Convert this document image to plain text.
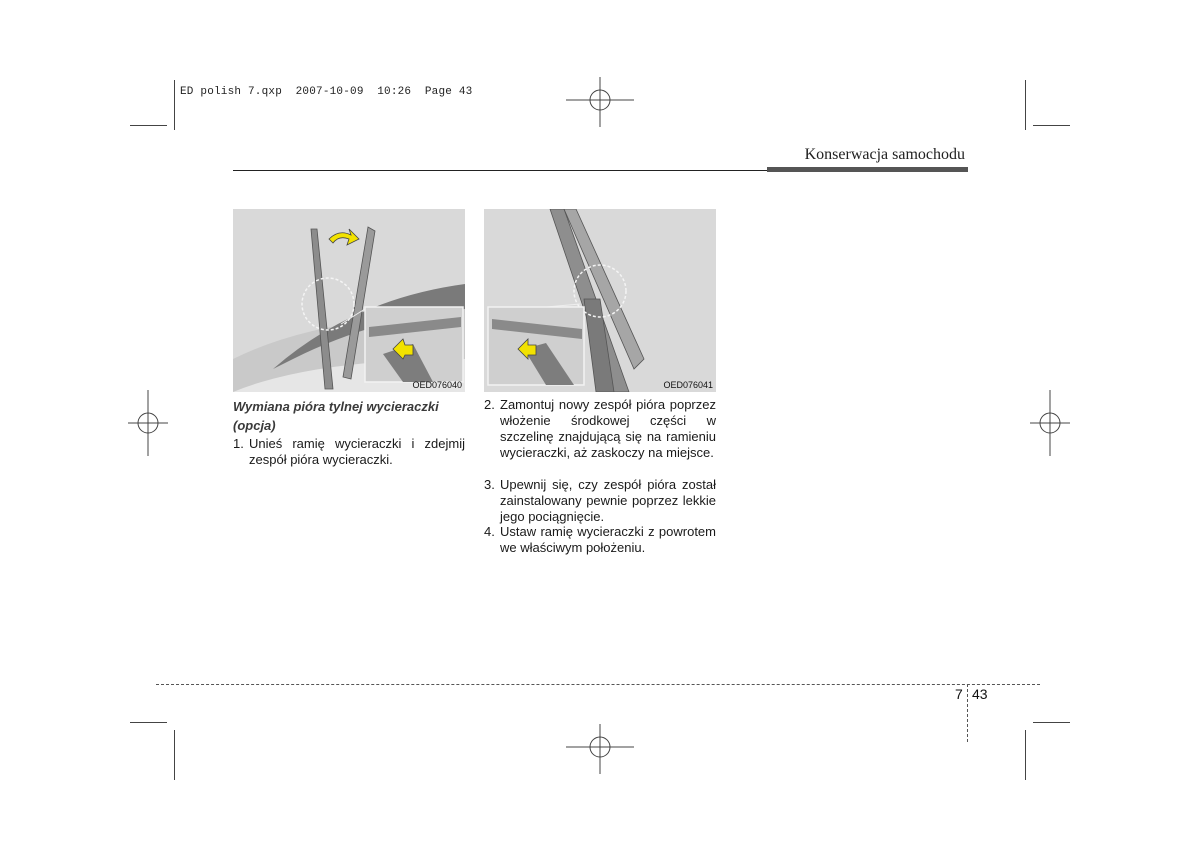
ED polish 7.qxp  2007-10-09  10:26  Page 43
Konserwacja samochodu
OED076040	OED076041
Wymiana pióra tylnej wycieraczki (opcja)
1. Unieś ramię wycieraczki i zdejmij zespół pióra wycieraczki.
2. Zamontuj nowy zespół pióra poprzez włożenie środkowej części w szczelinę znajdującą się na ramieniu wycieraczki, aż zaskoczy na miejsce.
3. Upewnij się, czy zespół pióra został zainstalowany pewnie poprzez lekkie jego pociągnięcie.
4. Ustaw ramię wycieraczki z powrotem we właściwym położeniu.
7 43
